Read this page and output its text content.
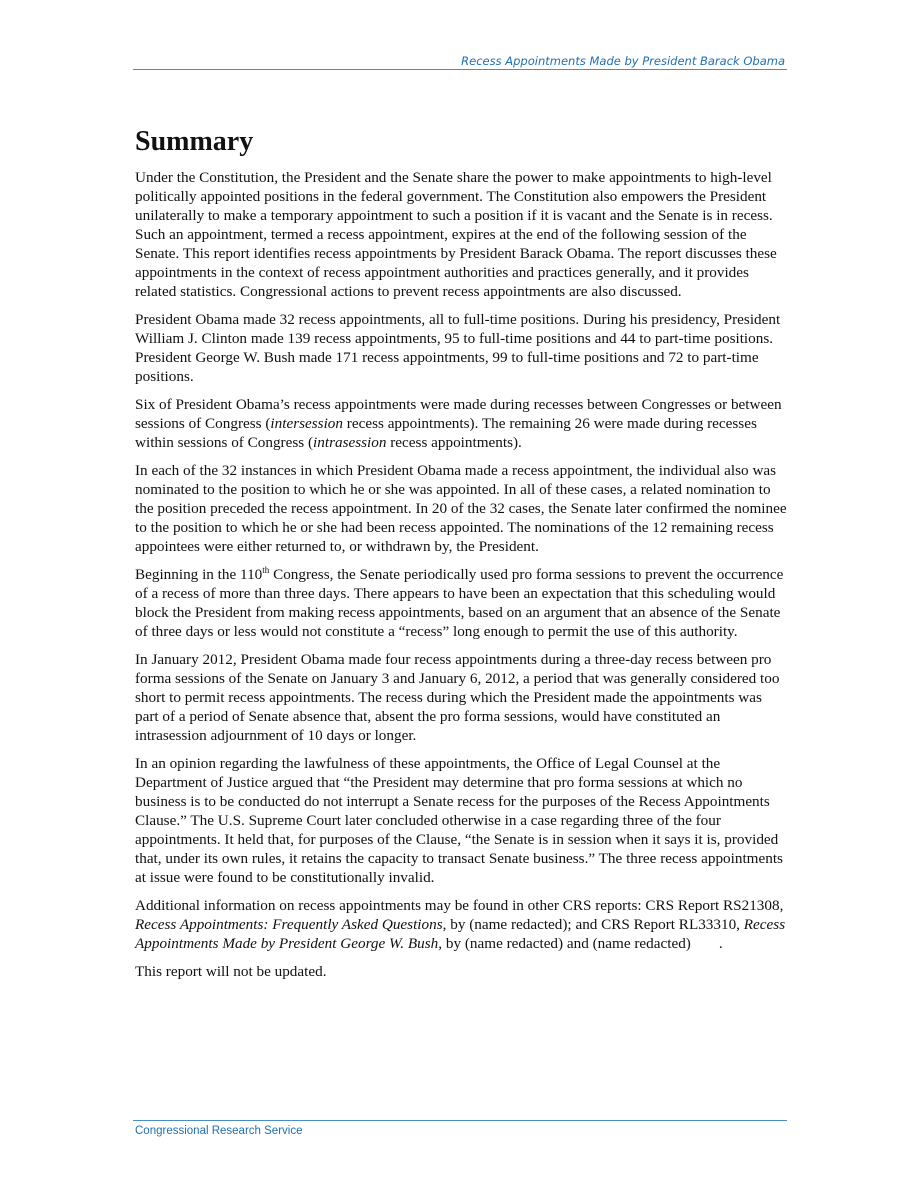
Recess Appointments Made by President Barack Obama
Summary

Under the Constitution, the President and the Senate share the power to make appointments to high-level politically appointed positions in the federal government. The Constitution also empowers the President unilaterally to make a temporary appointment to such a position if it is vacant and the Senate is in recess. Such an appointment, termed a recess appointment, expires at the end of the following session of the Senate. This report identifies recess appointments by President Barack Obama. The report discusses these appointments in the context of recess appointment authorities and practices generally, and it provides related statistics. Congressional actions to prevent recess appointments are also discussed.

President Obama made 32 recess appointments, all to full-time positions. During his presidency, President William J. Clinton made 139 recess appointments, 95 to full-time positions and 44 to part-time positions. President George W. Bush made 171 recess appointments, 99 to full-time positions and 72 to part-time positions.

Six of President Obama’s recess appointments were made during recesses between Congresses or between sessions of Congress (intersession recess appointments). The remaining 26 were made during recesses within sessions of Congress (intrasession recess appointments).

In each of the 32 instances in which President Obama made a recess appointment, the individual also was nominated to the position to which he or she was appointed. In all of these cases, a related nomination to the position preceded the recess appointment. In 20 of the 32 cases, the Senate later confirmed the nominee to the position to which he or she had been recess appointed. The nominations of the 12 remaining recess appointees were either returned to, or withdrawn by, the President.

Beginning in the 110th Congress, the Senate periodically used pro forma sessions to prevent the occurrence of a recess of more than three days. There appears to have been an expectation that this scheduling would block the President from making recess appointments, based on an argument that an absence of the Senate of three days or less would not constitute a “recess” long enough to permit the use of this authority.

In January 2012, President Obama made four recess appointments during a three-day recess between pro forma sessions of the Senate on January 3 and January 6, 2012, a period that was generally considered too short to permit recess appointments. The recess during which the President made the appointments was part of a period of Senate absence that, absent the pro forma sessions, would have constituted an intrasession adjournment of 10 days or longer.

In an opinion regarding the lawfulness of these appointments, the Office of Legal Counsel at the Department of Justice argued that “the President may determine that pro forma sessions at which no business is to be conducted do not interrupt a Senate recess for the purposes of the Recess Appointments Clause.” The U.S. Supreme Court later concluded otherwise in a case regarding three of the four appointments. It held that, for purposes of the Clause, “the Senate is in session when it says it is, provided that, under its own rules, it retains the capacity to transact Senate business.” The three recess appointments at issue were found to be constitutionally invalid.

Additional information on recess appointments may be found in other CRS reports: CRS Report RS21308, Recess Appointments: Frequently Asked Questions, by (name redacted); and CRS Report RL33310, Recess Appointments Made by President George W. Bush, by (name redacted) and (name redacted) .

This report will not be updated.

Congressional Research Service
